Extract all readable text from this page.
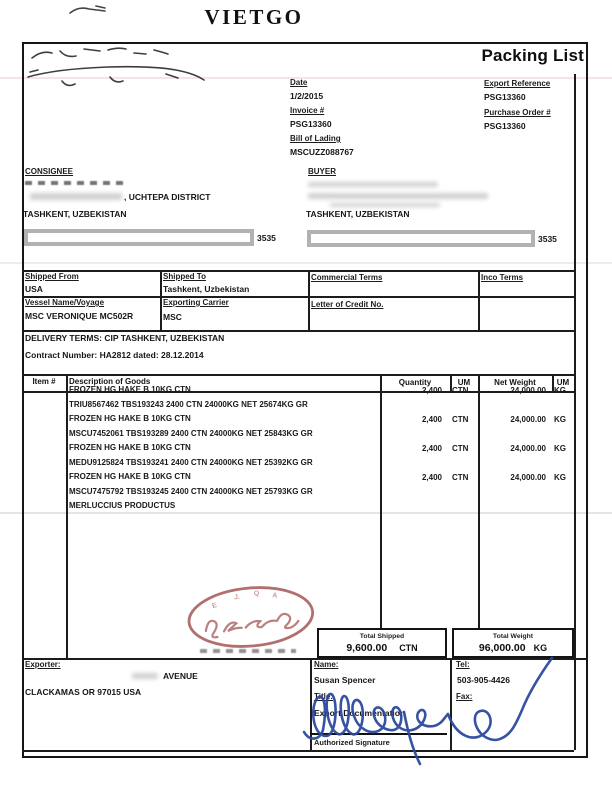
VIETGO
Packing List
Date
1/2/2015
Invoice #
PSG13360
Bill of Lading
MSCUZZ088767
Export Reference
PSG13360
Purchase Order #
PSG13360
CONSIGNEE
, UCHTEPA DISTRICT
TASHKENT, UZBEKISTAN
3535
BUYER
TASHKENT, UZBEKISTAN
3535
Shipped From
USA
Shipped To
Tashkent, Uzbekistan
Commercial Terms	Inco Terms
Vessel Name/Voyage
MSC VERONIQUE MC502R
Exporting Carrier
MSC
Letter of Credit No.
DELIVERY TERMS: CIP TASHKENT, UZBEKISTAN
Contract Number: HA2812 dated: 28.12.2014
Item #	Description of Goods	Quantity	UM	Net Weight	UM
FROZEN HG HAKE B 10KG CTN	2,400 CTN	24,000.00 KG
TRIU8567462 TBS193243 2400 CTN 24000KG NET 25674KG GR
FROZEN HG HAKE B 10KG CTN	2,400 CTN	24,000.00 KG
MSCU7452061 TBS193289 2400 CTN 24000KG NET 25843KG GR
FROZEN HG HAKE B 10KG CTN	2,400 CTN	24,000.00 KG
MEDU9125824 TBS193241 2400 CTN 24000KG NET 25392KG GR
FROZEN HG HAKE B 10KG CTN	2,400 CTN	24,000.00 KG
MSCU7475792 TBS193245 2400 CTN 24000KG NET 25793KG GR
MERLUCCIUS PRODUCTUS
Total Shipped
9,600.00 CTN
Total Weight
96,000.00 KG
Exporter:
AVENUE
CLACKAMAS OR 97015 USA
Name:
Susan Spencer
Title:
Export Documentation
Tel:
503-905-4426
Fax:
Authorized Signature
E
J. Q A
